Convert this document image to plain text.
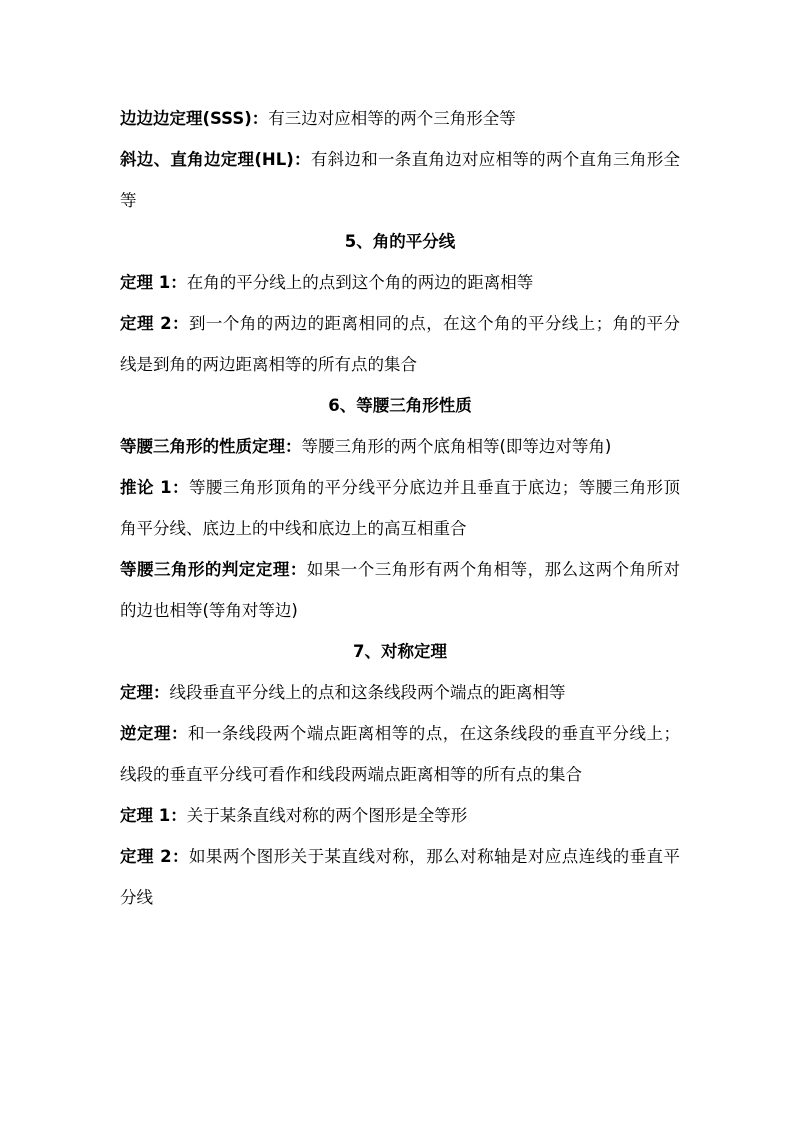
边边边定理(SSS)：有三边对应相等的两个三角形全等

斜边、直角边定理(HL)：有斜边和一条直角边对应相等的两个直角三角形全等

5、角的平分线

定理 1：在角的平分线上的点到这个角的两边的距离相等

定理 2：到一个角的两边的距离相同的点，在这个角的平分线上；角的平分线是到角的两边距离相等的所有点的集合

6、等腰三角形性质

等腰三角形的性质定理：等腰三角形的两个底角相等(即等边对等角)

推论 1：等腰三角形顶角的平分线平分底边并且垂直于底边；等腰三角形顶角平分线、底边上的中线和底边上的高互相重合

等腰三角形的判定定理：如果一个三角形有两个角相等，那么这两个角所对的边也相等(等角对等边)

7、对称定理

定理：线段垂直平分线上的点和这条线段两个端点的距离相等

逆定理：和一条线段两个端点距离相等的点，在这条线段的垂直平分线上；线段的垂直平分线可看作和线段两端点距离相等的所有点的集合

定理 1：关于某条直线对称的两个图形是全等形

定理 2：如果两个图形关于某直线对称，那么对称轴是对应点连线的垂直平分线
